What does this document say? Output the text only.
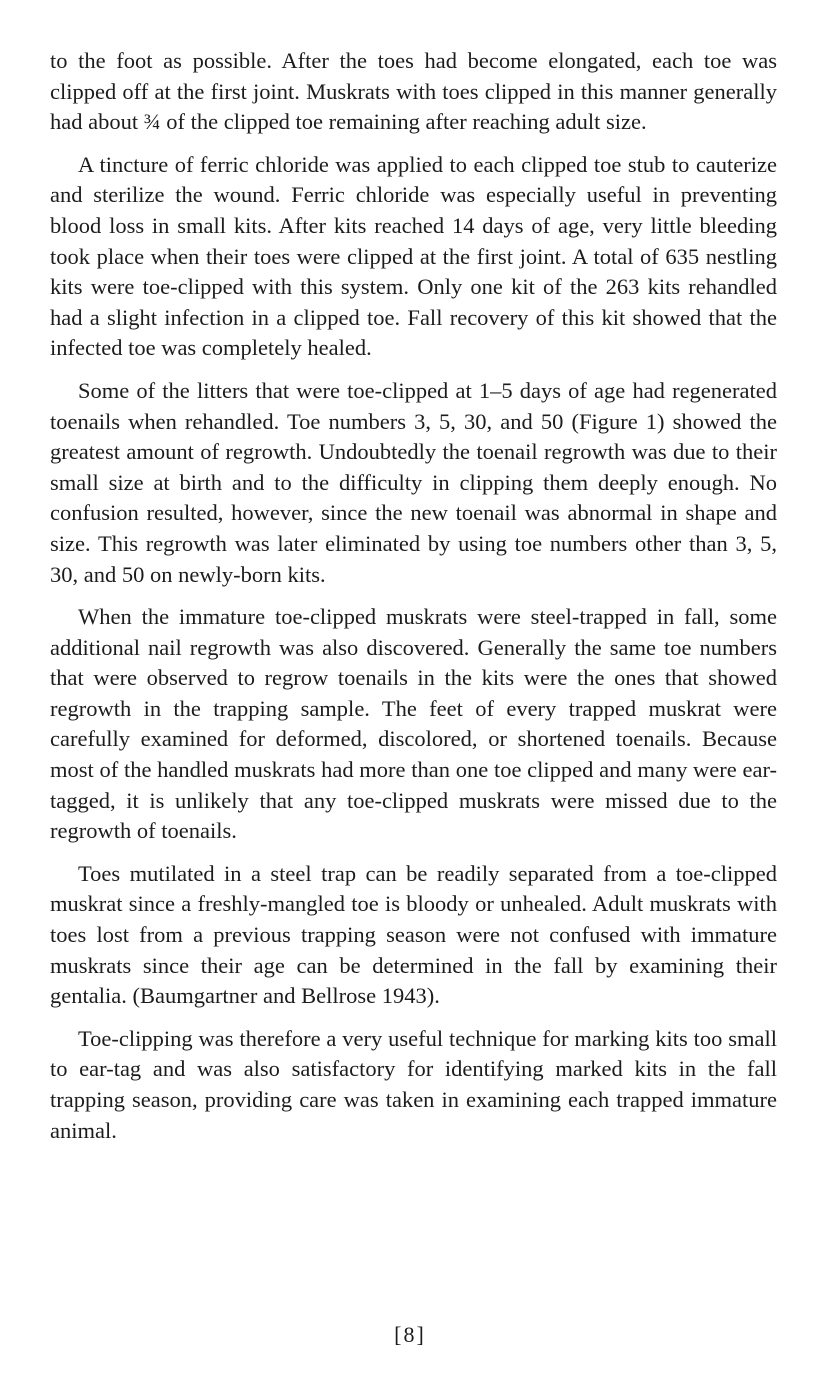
to the foot as possible. After the toes had become elongated, each toe was clipped off at the first joint. Muskrats with toes clipped in this manner generally had about ¾ of the clipped toe remaining after reaching adult size.

A tincture of ferric chloride was applied to each clipped toe stub to cauterize and sterilize the wound. Ferric chloride was especially useful in preventing blood loss in small kits. After kits reached 14 days of age, very little bleeding took place when their toes were clipped at the first joint. A total of 635 nestling kits were toe-clipped with this system. Only one kit of the 263 kits rehandled had a slight infection in a clipped toe. Fall recovery of this kit showed that the infected toe was completely healed.

Some of the litters that were toe-clipped at 1–5 days of age had regenerated toenails when rehandled. Toe numbers 3, 5, 30, and 50 (Figure 1) showed the greatest amount of regrowth. Undoubtedly the toenail regrowth was due to their small size at birth and to the difficulty in clipping them deeply enough. No confusion resulted, however, since the new toenail was abnormal in shape and size. This regrowth was later eliminated by using toe numbers other than 3, 5, 30, and 50 on newly-born kits.

When the immature toe-clipped muskrats were steel-trapped in fall, some additional nail regrowth was also discovered. Generally the same toe numbers that were observed to regrow toenails in the kits were the ones that showed regrowth in the trapping sample. The feet of every trapped muskrat were carefully examined for deformed, discolored, or shortened toenails. Because most of the handled muskrats had more than one toe clipped and many were ear-tagged, it is unlikely that any toe-clipped muskrats were missed due to the regrowth of toenails.

Toes mutilated in a steel trap can be readily separated from a toe-clipped muskrat since a freshly-mangled toe is bloody or unhealed. Adult muskrats with toes lost from a previous trapping season were not confused with immature muskrats since their age can be determined in the fall by examining their gentalia. (Baumgartner and Bellrose 1943).

Toe-clipping was therefore a very useful technique for marking kits too small to ear-tag and was also satisfactory for identifying marked kits in the fall trapping season, providing care was taken in examining each trapped immature animal.

[8]
